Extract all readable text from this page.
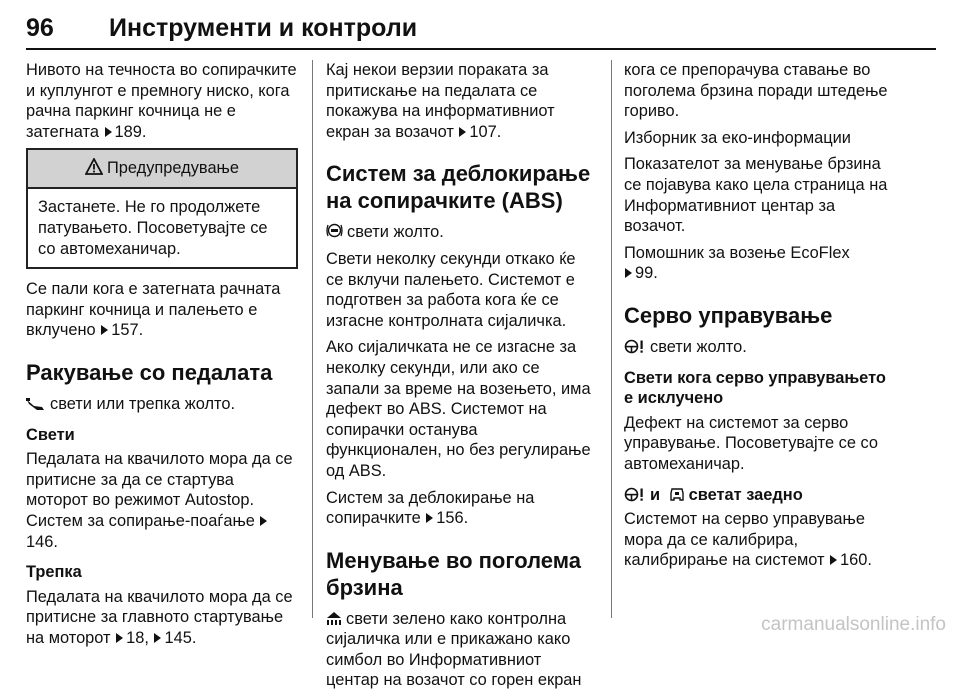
96 Инструменти и контроли

Нивото на течноста во сопирачките и куплунгот е премногу ниско, кога рачна паркинг кочница не е затегната 189.

Предупредување
Застанете. Не го продолжете патувањето. Посоветувајте се со автомеханичар.

Се пали кога е затегната рачната паркинг кочница и палењето е вклучено 157.

Ракување со педалата

свети или трепка жолто.

Свети

Педалата на квачилото мора да се притисне за да се стартува моторот во режимот Autostop. Систем за сопирање-поаѓање 146.

Трепка

Педалата на квачилото мора да се притисне за главното стартување на моторот 18, 145.

Кај некои верзии поракатa за притискање на педалата се покажува на информативниот екран за возачот 107.

Систем за деблокирање на сопирачките (ABS)

свети жолто.

Свети неколку секунди откако ќе се вклучи палењето. Системот е подготвен за работа кога ќе се изгасне контролната сијаличка.

Ако сијаличката не се изгасне за неколку секунди, или ако се запали за време на возењето, има дефект во ABS. Системот на сопирачки останува функционален, но без регулирање од ABS.

Систем за деблокирање на сопирачките 156.

Менување во поголема брзина

свети зелено како контролна сијаличка или е прикажано како симбол во Информативниот центар на возачот со горен екран

кога се препорачува ставање во поголема брзина поради штедење гориво.

Изборник за еко-информации

Показателот за менување брзина се појавува како цела страница на Информативниот центар за возачот.

Помошник за возење EcoFlex
99.

Серво управување

свети жолто.

Свети кога серво управувањето е исклучено

Дефект на системот за серво управување. Посоветувајте се со автомеханичар.

и светат заедно

Системот на серво управување мора да се калибрира, калибрирање на системот 160.

carmanualsonline.info
